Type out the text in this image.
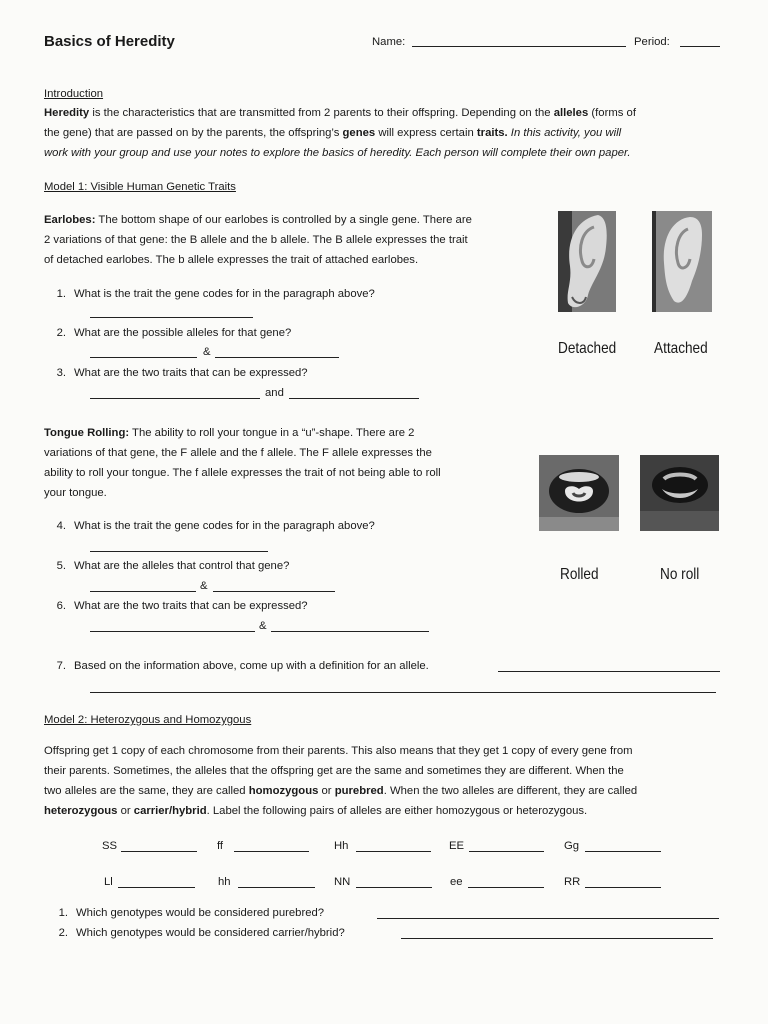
Basics of Heredity	Name:	Period:
Introduction
Heredity is the characteristics that are transmitted from 2 parents to their offspring. Depending on the alleles (forms of
the gene) that are passed on by the parents, the offspring’s genes will express certain traits. In this activity, you will
work with your group and use your notes to explore the basics of heredity. Each person will complete their own paper.
Model 1: Visible Human Genetic Traits
Earlobes: The bottom shape of our earlobes is controlled by a single gene. There are
2 variations of that gene: the B allele and the b allele. The B allele expresses the trait
of detached earlobes. The b allele expresses the trait of attached earlobes.
1. What is the trait the gene codes for in the paragraph above?
2. What are the possible alleles for that gene?
&
3. What are the two traits that can be expressed?
and
Detached Attached
Tongue Rolling: The ability to roll your tongue in a “u”-shape. There are 2
variations of that gene, the F allele and the f allele. The F allele expresses the
ability to roll your tongue. The f allele expresses the trait of not being able to roll
your tongue.
4. What is the trait the gene codes for in the paragraph above?
5. What are the alleles that control that gene?
&
6. What are the two traits that can be expressed?
&
Rolled	No roll
7. Based on the information above, come up with a definition for an allele.
Model 2: Heterozygous and Homozygous
Offspring get 1 copy of each chromosome from their parents. This also means that they get 1 copy of every gene from
their parents. Sometimes, the alleles that the offspring get are the same and sometimes they are different. When the
two alleles are the same, they are called homozygous or purebred. When the two alleles are different, they are called
heterozygous or carrier/hybrid. Label the following pairs of alleles are either homozygous or heterozygous.
SS	ff	Hh	EE	Gg
Ll	hh	NN	ee	RR
1. Which genotypes would be considered purebred?
2. Which genotypes would be considered carrier/hybrid?
